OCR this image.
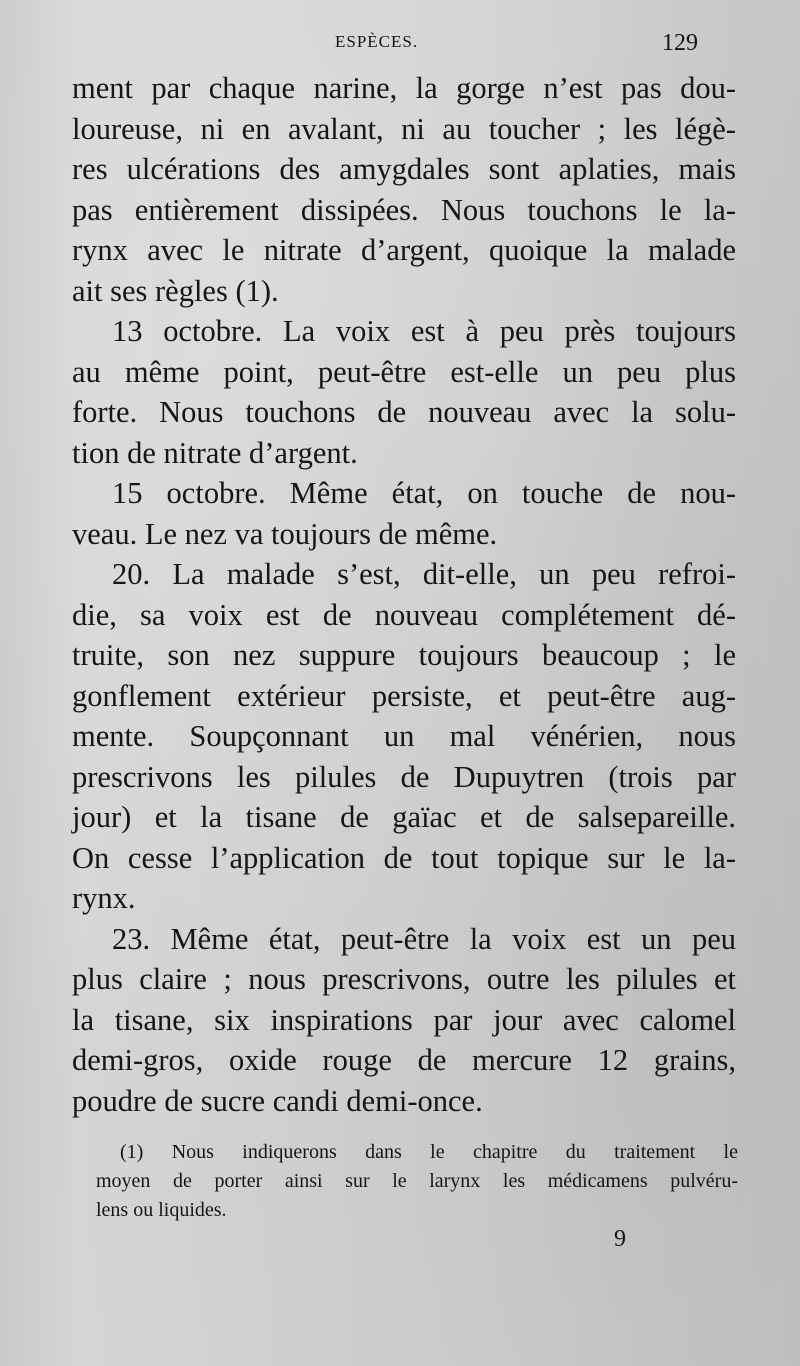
ESPÈCES.	129
ment par chaque narine, la gorge n’est pas dou-
loureuse, ni en avalant, ni au toucher ; les légè-
res ulcérations des amygdales sont aplaties, mais
pas entièrement dissipées. Nous touchons le la-
rynx avec le nitrate d’argent, quoique la malade
ait ses règles (1).
13 octobre. La voix est à peu près toujours
au même point, peut-être est-elle un peu plus
forte. Nous touchons de nouveau avec la solu-
tion de nitrate d’argent.
15 octobre. Même état, on touche de nou-
veau. Le nez va toujours de même.
20. La malade s’est, dit-elle, un peu refroi-
die, sa voix est de nouveau complétement dé-
truite, son nez suppure toujours beaucoup ; le
gonflement extérieur persiste, et peut-être aug-
mente. Soupçonnant un mal vénérien, nous
prescrivons les pilules de Dupuytren (trois par
jour) et la tisane de gaïac et de salsepareille.
On cesse l’application de tout topique sur le la-
rynx.
23. Même état, peut-être la voix est un peu
plus claire ; nous prescrivons, outre les pilules et
la tisane, six inspirations par jour avec calomel
demi-gros, oxide rouge de mercure 12 grains,
poudre de sucre candi demi-once.
(1) Nous indiquerons dans le chapitre du traitement le
moyen de porter ainsi sur le larynx les médicamens pulvéru-
lens ou liquides.
9
